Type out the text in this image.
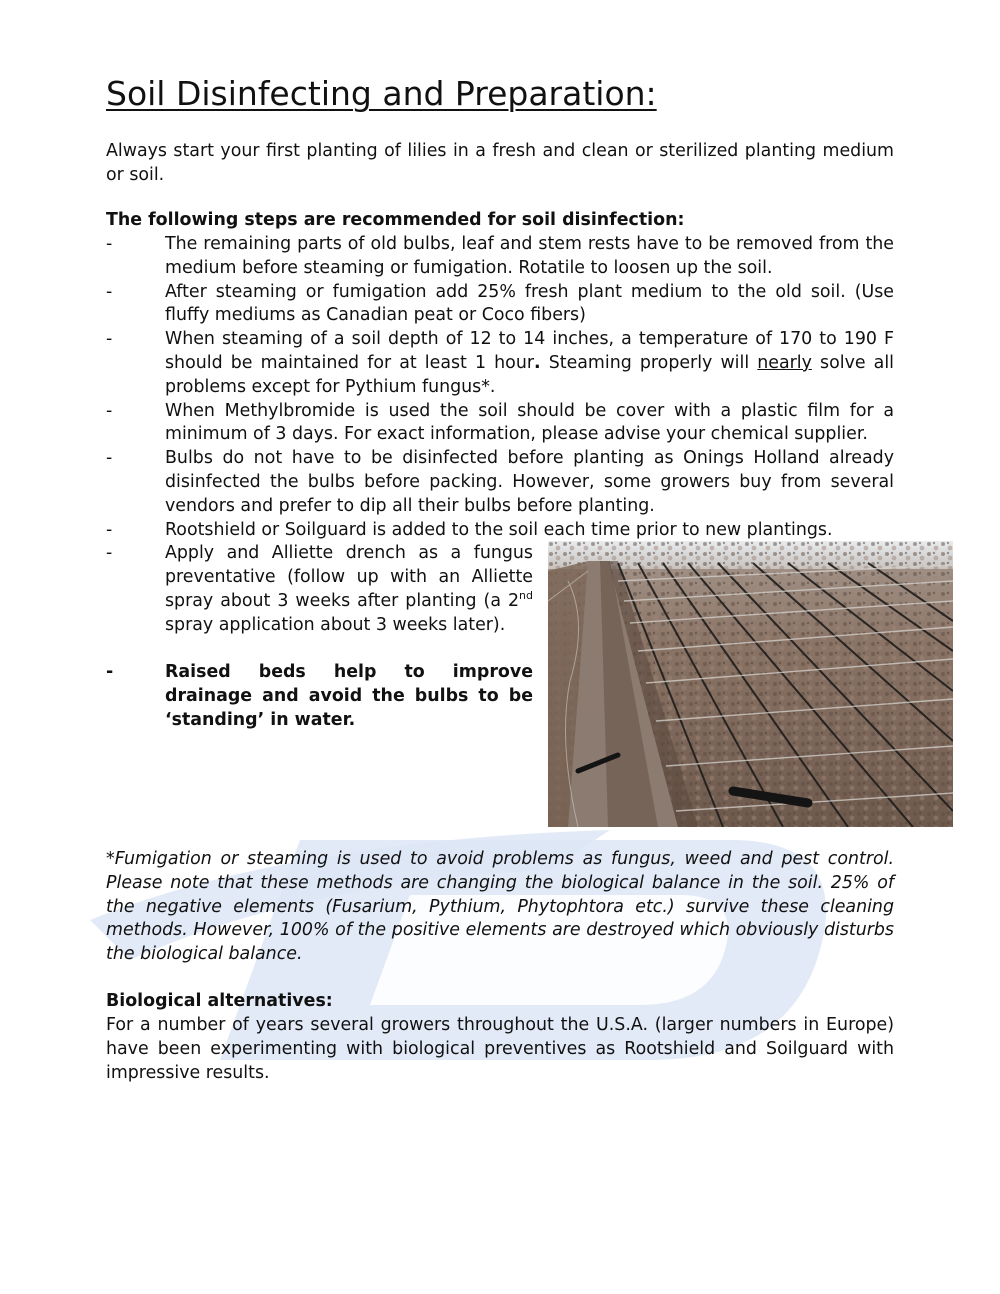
Soil Disinfecting and Preparation:

Always start your first planting of lilies in a fresh and clean or sterilized planting medium or soil.

The following steps are recommended for soil disinfection:

-	The remaining parts of old bulbs, leaf and stem rests have to be removed from the medium before steaming or fumigation. Rotatile to loosen up the soil.
-	After steaming or fumigation add 25% fresh plant medium to the old soil. (Use fluffy mediums as Canadian peat or Coco fibers)
-	When steaming of a soil depth of 12 to 14 inches, a temperature of 170 to 190 F should be maintained for at least 1 hour. Steaming properly will nearly solve all problems except for Pythium fungus*.
-	When Methylbromide is used the soil should be cover with a plastic film for a minimum of 3 days. For exact information, please advise your chemical supplier.
-	Bulbs do not have to be disinfected before planting as Onings Holland already disinfected the bulbs before packing. However, some growers buy from several vendors and prefer to dip all their bulbs before planting.
-	Rootshield or Soilguard is added to the soil each time prior to new plantings.
-	Apply and Alliette drench as a fungus preventative (follow up with an Alliette spray about 3 weeks after planting (a 2nd spray application about 3 weeks later).
-	Raised beds help to improve drainage and avoid the bulbs to be ‘standing’ in water.

*Fumigation or steaming is used to avoid problems as fungus, weed and pest control. Please note that these methods are changing the biological balance in the soil. 25% of the negative elements (Fusarium, Pythium, Phytophtora etc.) survive these cleaning methods. However, 100% of the positive elements are destroyed which obviously disturbs the biological balance.

Biological alternatives:

For a number of years several growers throughout the U.S.A. (larger numbers in Europe) have been experimenting with biological preventives as Rootshield and Soilguard with impressive results.
